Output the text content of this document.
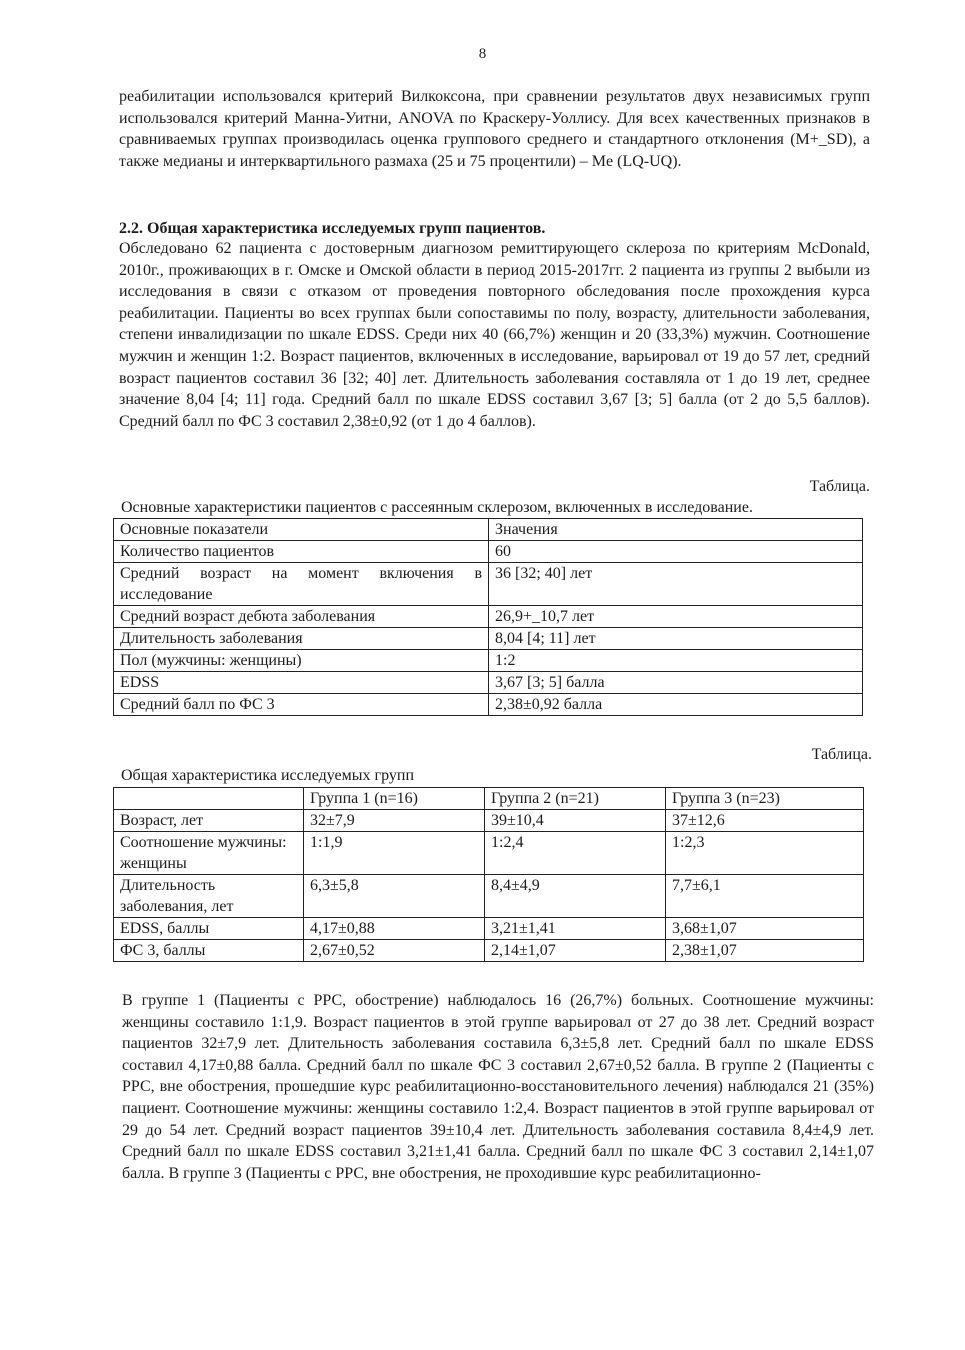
8

реабилитации использовался критерий Вилкоксона, при сравнении результатов двух независимых групп использовался критерий Манна-Уитни, ANOVA по Краскеру-Уоллису. Для всех качественных признаков в сравниваемых группах производилась оценка группового среднего и стандартного отклонения (M+_SD), а также медианы и интерквартильного размаха (25 и 75 процентили) – Me (LQ-UQ).

2.2. Общая характеристика исследуемых групп пациентов.

Обследовано 62 пациента с достоверным диагнозом ремиттирующего склероза по критериям McDonald, 2010г., проживающих в г. Омске и Омской области в период 2015-2017гг. 2 пациента из группы 2 выбыли из исследования в связи с отказом от проведения повторного обследования после прохождения курса реабилитации. Пациенты во всех группах были сопоставимы по полу, возрасту, длительности заболевания, степени инвалидизации по шкале EDSS. Среди них 40 (66,7%) женщин и 20 (33,3%) мужчин. Соотношение мужчин и женщин 1:2. Возраст пациентов, включенных в исследование, варьировал от 19 до 57 лет, средний возраст пациентов составил 36 [32; 40] лет. Длительность заболевания составляла от 1 до 19 лет, среднее значение 8,04 [4; 11] года. Средний балл по шкале EDSS составил 3,67 [3; 5] балла (от 2 до 5,5 баллов). Средний балл по ФС 3 составил 2,38±0,92 (от 1 до 4 баллов).

Таблица.
Основные характеристики пациентов с рассеянным склерозом, включенных в исследование.
Основные показатели	Значения
Количество пациентов	60
Средний возраст на момент включения в исследование	36 [32; 40] лет
Средний возраст дебюта заболевания	26,9+_10,7 лет
Длительность заболевания	8,04 [4; 11] лет
Пол (мужчины: женщины)	1:2
EDSS	3,67 [3; 5] балла
Средний балл по ФС 3	2,38±0,92 балла
Таблица.
Общая характеристика исследуемых групп
	Группа 1 (n=16)	Группа 2 (n=21)	Группа 3 (n=23)
Возраст, лет	32±7,9	39±10,4	37±12,6
Соотношение мужчины: женщины	1:1,9	1:2,4	1:2,3
Длительность заболевания, лет	6,3±5,8	8,4±4,9	7,7±6,1
EDSS, баллы	4,17±0,88	3,21±1,41	3,68±1,07
ФС 3, баллы	2,67±0,52	2,14±1,07	2,38±1,07

В группе 1 (Пациенты с РРС, обострение) наблюдалось 16 (26,7%) больных. Соотношение мужчины: женщины составило 1:1,9. Возраст пациентов в этой группе варьировал от 27 до 38 лет. Средний возраст пациентов 32±7,9 лет. Длительность заболевания составила 6,3±5,8 лет. Средний балл по шкале EDSS составил 4,17±0,88 балла. Средний балл по шкале ФС 3 составил 2,67±0,52 балла. В группе 2 (Пациенты с РРС, вне обострения, прошедшие курс реабилитационно-восстановительного лечения) наблюдался 21 (35%) пациент. Соотношение мужчины: женщины составило 1:2,4. Возраст пациентов в этой группе варьировал от 29 до 54 лет. Средний возраст пациентов 39±10,4 лет. Длительность заболевания составила 8,4±4,9 лет. Средний балл по шкале EDSS составил 3,21±1,41 балла. Средний балл по шкале ФС 3 составил 2,14±1,07 балла. В группе 3 (Пациенты с РРС, вне обострения, не проходившие курс реабилитационно-
